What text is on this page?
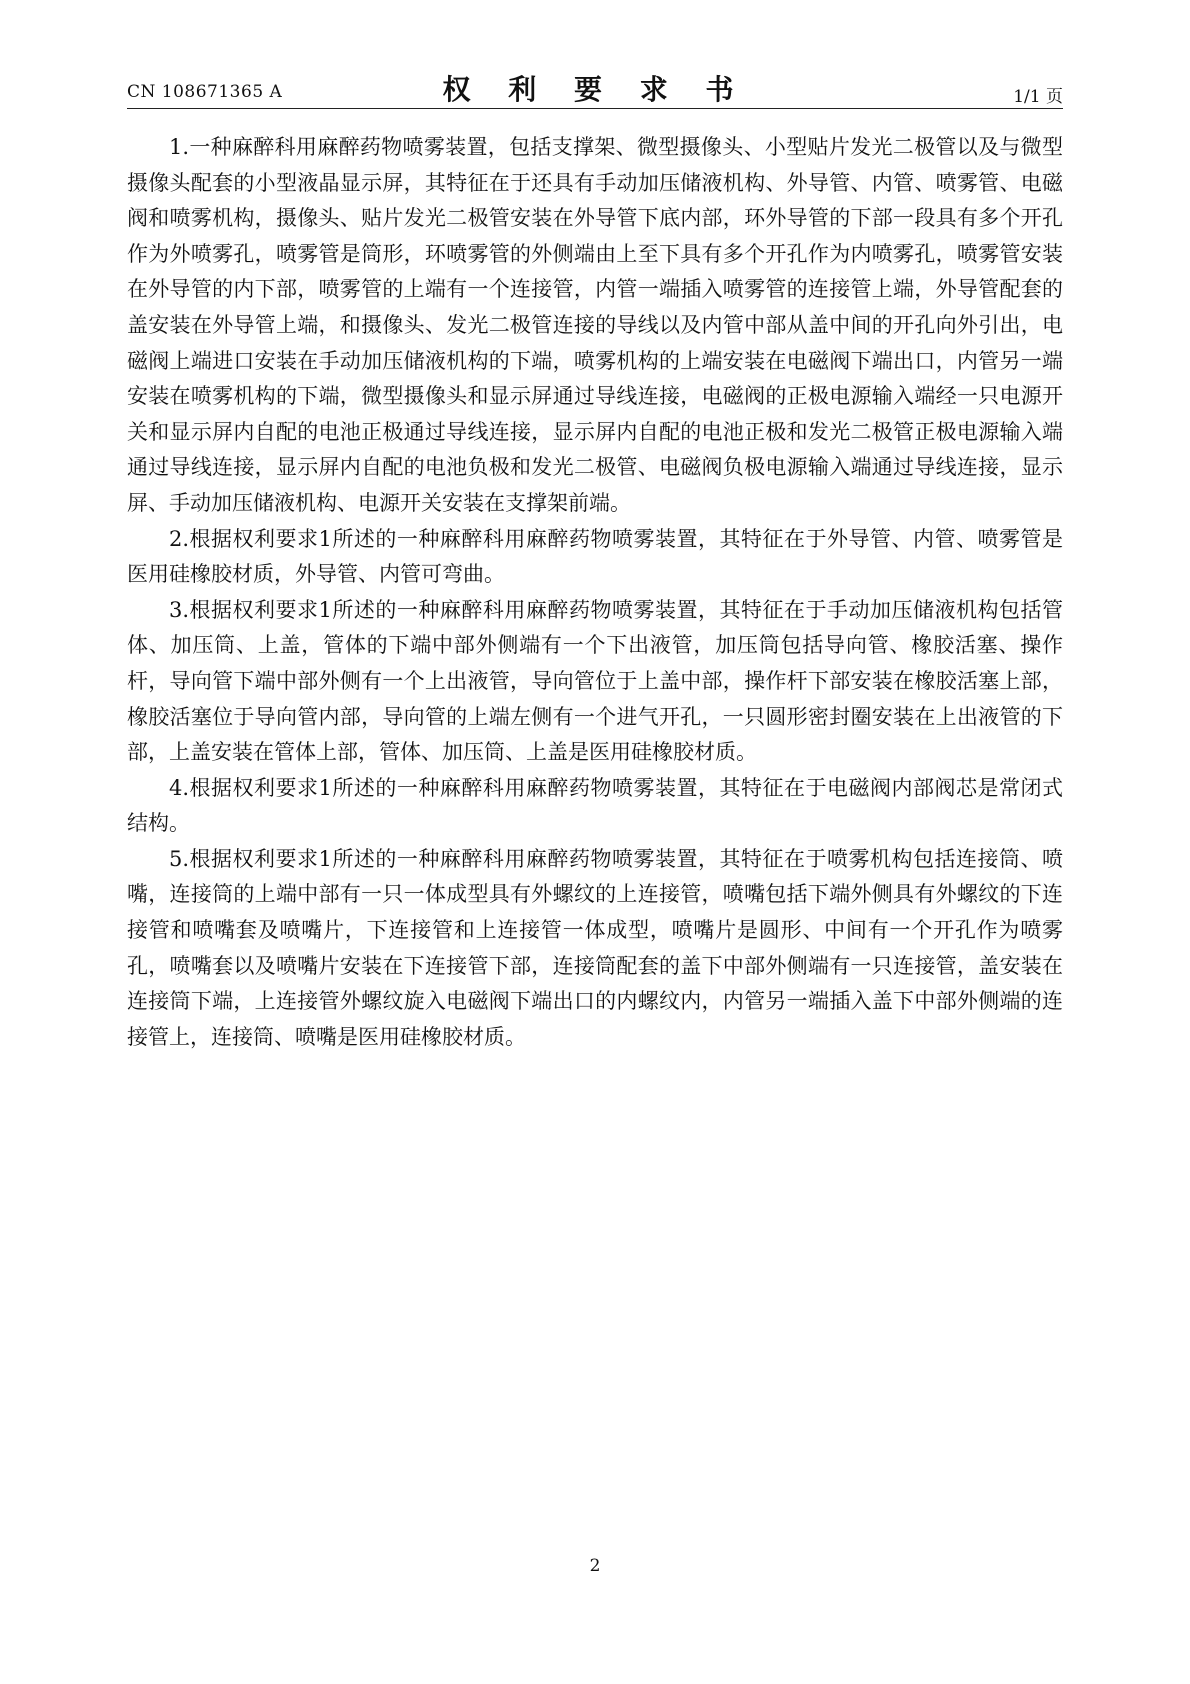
CN 108671365 A	权 利 要 求 书	1/1 页

1.一种麻醉科用麻醉药物喷雾装置，包括支撑架、微型摄像头、小型贴片发光二极管以及与微型摄像头配套的小型液晶显示屏，其特征在于还具有手动加压储液机构、外导管、内管、喷雾管、电磁阀和喷雾机构，摄像头、贴片发光二极管安装在外导管下底内部，环外导管的下部一段具有多个开孔作为外喷雾孔，喷雾管是筒形，环喷雾管的外侧端由上至下具有多个开孔作为内喷雾孔，喷雾管安装在外导管的内下部，喷雾管的上端有一个连接管，内管一端插入喷雾管的连接管上端，外导管配套的盖安装在外导管上端，和摄像头、发光二极管连接的导线以及内管中部从盖中间的开孔向外引出，电磁阀上端进口安装在手动加压储液机构的下端，喷雾机构的上端安装在电磁阀下端出口，内管另一端安装在喷雾机构的下端，微型摄像头和显示屏通过导线连接，电磁阀的正极电源输入端经一只电源开关和显示屏内自配的电池正极通过导线连接，显示屏内自配的电池正极和发光二极管正极电源输入端通过导线连接，显示屏内自配的电池负极和发光二极管、电磁阀负极电源输入端通过导线连接，显示屏、手动加压储液机构、电源开关安装在支撑架前端。

2.根据权利要求1所述的一种麻醉科用麻醉药物喷雾装置，其特征在于外导管、内管、喷雾管是医用硅橡胶材质，外导管、内管可弯曲。

3.根据权利要求1所述的一种麻醉科用麻醉药物喷雾装置，其特征在于手动加压储液机构包括管体、加压筒、上盖，管体的下端中部外侧端有一个下出液管，加压筒包括导向管、橡胶活塞、操作杆，导向管下端中部外侧有一个上出液管，导向管位于上盖中部，操作杆下部安装在橡胶活塞上部，橡胶活塞位于导向管内部，导向管的上端左侧有一个进气开孔，一只圆形密封圈安装在上出液管的下部，上盖安装在管体上部，管体、加压筒、上盖是医用硅橡胶材质。

4.根据权利要求1所述的一种麻醉科用麻醉药物喷雾装置，其特征在于电磁阀内部阀芯是常闭式结构。

5.根据权利要求1所述的一种麻醉科用麻醉药物喷雾装置，其特征在于喷雾机构包括连接筒、喷嘴，连接筒的上端中部有一只一体成型具有外螺纹的上连接管，喷嘴包括下端外侧具有外螺纹的下连接管和喷嘴套及喷嘴片，下连接管和上连接管一体成型，喷嘴片是圆形、中间有一个开孔作为喷雾孔，喷嘴套以及喷嘴片安装在下连接管下部，连接筒配套的盖下中部外侧端有一只连接管，盖安装在连接筒下端，上连接管外螺纹旋入电磁阀下端出口的内螺纹内，内管另一端插入盖下中部外侧端的连接管上，连接筒、喷嘴是医用硅橡胶材质。

2
